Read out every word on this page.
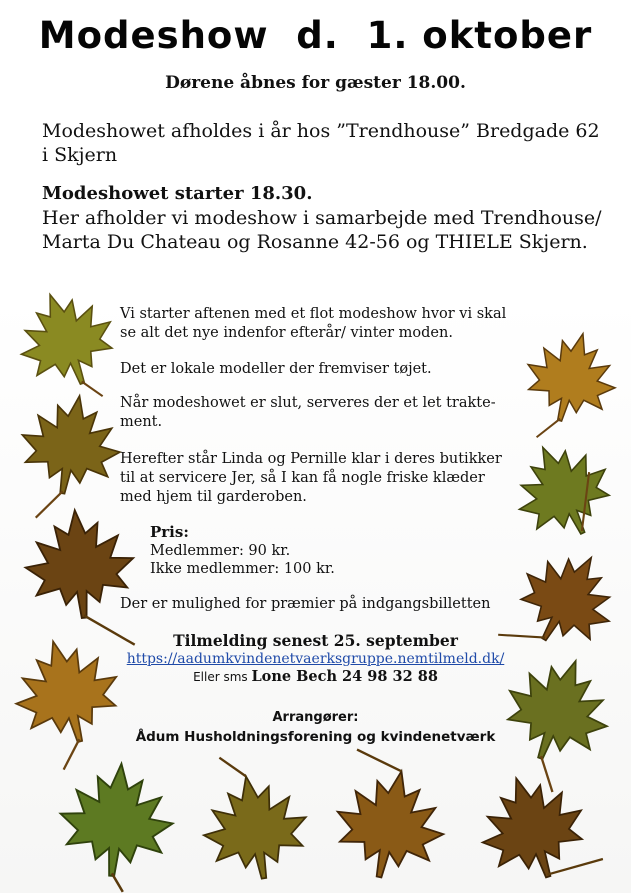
Modeshow  d.  1. oktober
Dørene åbnes for gæster 18.00.
Modeshowet afholdes i år hos ”Trendhouse” Bredgade 62 i Skjern
Modeshowet starter 18.30.
Her afholder vi modeshow i samarbejde med Trendhouse/ Marta Du Chateau og Rosanne 42-56 og THIELE Skjern.
Vi starter aftenen med et flot modeshow hvor vi skal se alt det nye indenfor efterår/ vinter moden.
Det er lokale modeller der fremviser tøjet.
Når modeshowet er slut, serveres der et let trakte-ment.
Herefter står Linda og Pernille klar i deres butikker til at servicere Jer, så I kan få nogle friske klæder med hjem til garderoben.
Pris:
Medlemmer: 90 kr.
Ikke medlemmer: 100 kr.
Der er mulighed for præmier på indgangsbilletten
Tilmelding senest 25. september
https://aadumkvindenetvaerksgruppe.nemtilmeld.dk/
Eller sms Lone Bech 24 98 32 88
Arrangører:
Ådum Husholdningsforening og kvindenetværk
